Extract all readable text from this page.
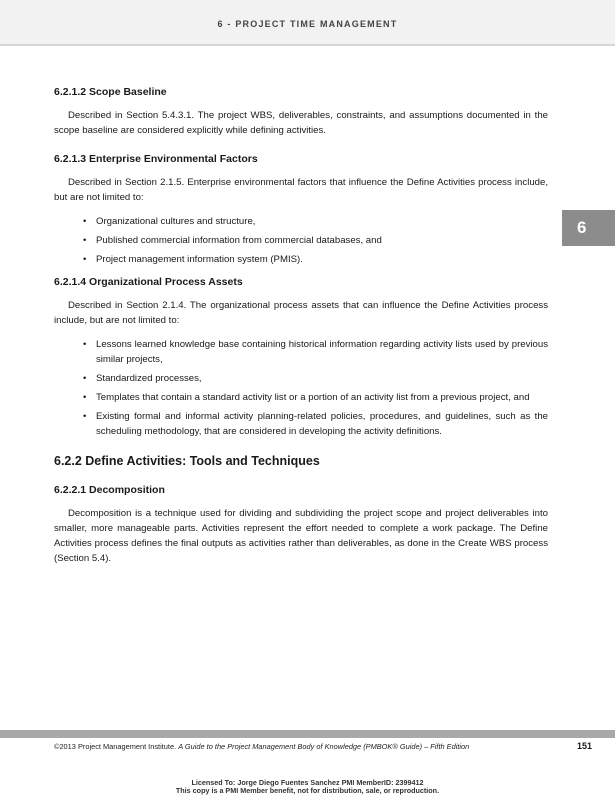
6 - PROJECT TIME MANAGEMENT
6
6.2.1.2 Scope Baseline

Described in Section 5.4.3.1. The project WBS, deliverables, constraints, and assumptions documented in the scope baseline are considered explicitly while defining activities.

6.2.1.3 Enterprise Environmental Factors

Described in Section 2.1.5. Enterprise environmental factors that influence the Define Activities process include, but are not limited to:

• Organizational cultures and structure,
• Published commercial information from commercial databases, and
• Project management information system (PMIS).
6.2.1.4 Organizational Process Assets

Described in Section 2.1.4. The organizational process assets that can influence the Define Activities process include, but are not limited to:

• Lessons learned knowledge base containing historical information regarding activity lists used by previous similar projects,
• Standardized processes,
• Templates that contain a standard activity list or a portion of an activity list from a previous project, and
• Existing formal and informal activity planning-related policies, procedures, and guidelines, such as the scheduling methodology, that are considered in developing the activity definitions.
6.2.2 Define Activities: Tools and Techniques
6.2.2.1 Decomposition

Decomposition is a technique used for dividing and subdividing the project scope and project deliverables into smaller, more manageable parts. Activities represent the effort needed to complete a work package. The Define Activities process defines the final outputs as activities rather than deliverables, as done in the Create WBS process (Section 5.4).

©2013 Project Management Institute. A Guide to the Project Management Body of Knowledge (PMBOK® Guide) – Fifth Edition	151
Licensed To: Jorge Diego Fuentes Sanchez PMI MemberID: 2399412
This copy is a PMI Member benefit, not for distribution, sale, or reproduction.
